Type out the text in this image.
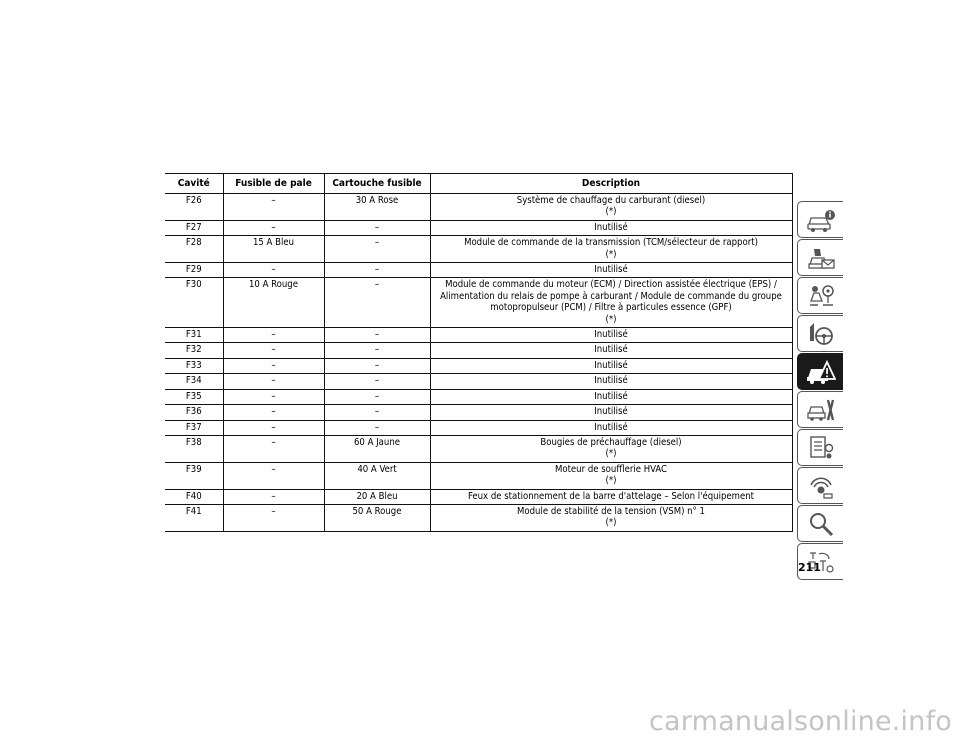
Cavité	Fusible de pale	Cartouche fusible	Description
F26	–	30 A Rose	Système de chauffage du carburant (diesel)
(*)

F27	–	–	Inutilisé
F28	15 A Bleu	–	Module de commande de la transmission (TCM/sélecteur de rapport)
(*)

F29	–	–	Inutilisé
F30	10 A Rouge	–	Module de commande du moteur (ECM) / Direction assistée électrique (EPS) / Alimentation du relais de pompe à carburant / Module de commande du groupe motopropulseur (PCM) / Filtre à particules essence (GPF)
(*)

F31	–	–	Inutilisé
F32	–	–	Inutilisé
F33	–	–	Inutilisé
F34	–	–	Inutilisé
F35	–	–	Inutilisé
F36	–	–	Inutilisé
F37	–	–	Inutilisé
F38	–	60 A Jaune	Bougies de préchauffage (diesel)
(*)

F39	–	40 A Vert	Moteur de soufflerie HVAC
(*)

F40	–	20 A Bleu	Feux de stationnement de la barre d'attelage – Selon l'équipement
F41	–	50 A Rouge	Module de stabilité de la tension (VSM) n° 1
(*)
211
carmanualsonline.info
